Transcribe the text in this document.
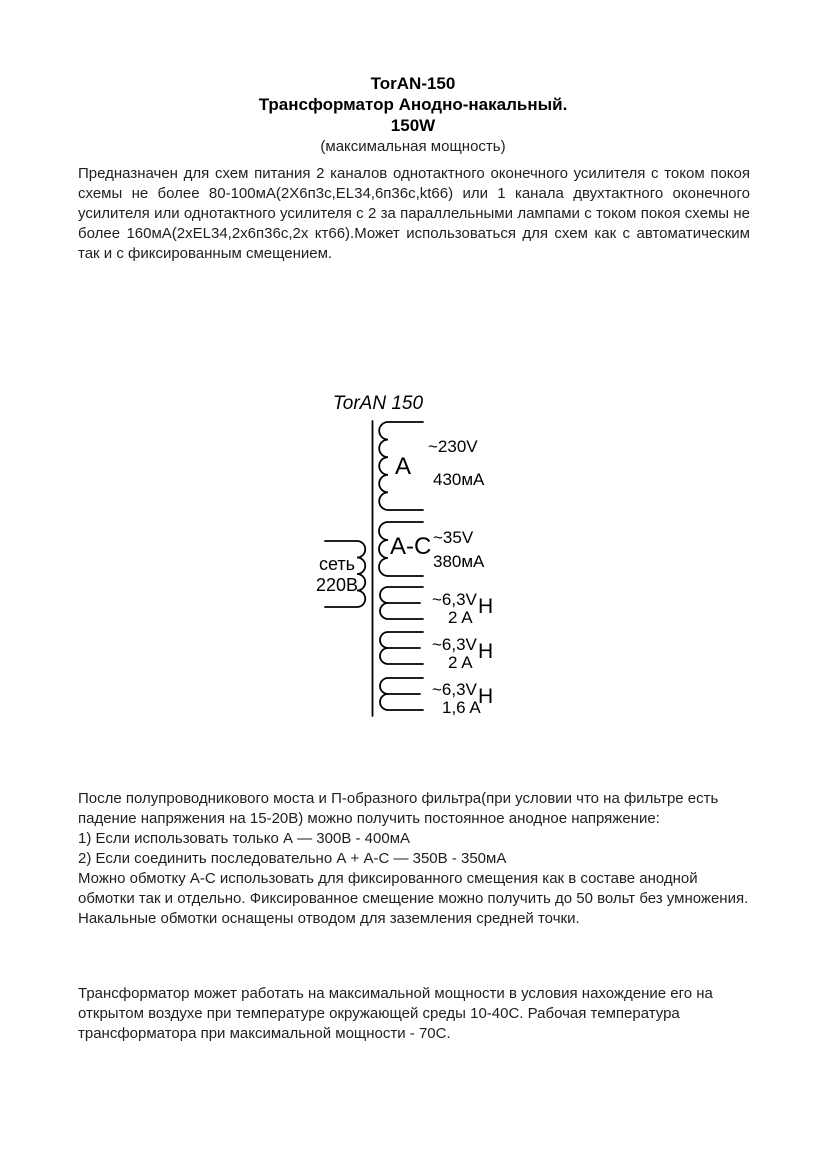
TorAN-150
Трансформатор Анодно-накальный.
150W
(максимальная мощность)
Предназначен для схем питания 2 каналов однотактного оконечного усилителя с током покоя схемы не более 80-100мА(2Х6п3с,EL34,6п36с,kt66) или 1 канала двухтактного оконечного усилителя или однотактного усилителя с 2 за параллельными лампами с током покоя схемы не более 160мА(2хEL34,2х6п36с,2х кт66).Может использоваться для схем как с автоматическим так и с фиксированным смещением.
TorAN 150
сеть
220В
A
~230V
430мА
A-C ~35V
380мА
~6,3V
2 A Н
~6,3V
2 A Н
~6,3V
1,6 A
Н

После полупроводникового моста и П-образного фильтра(при условии что на фильтре есть падение напряжения на 15-20В) можно получить постоянное анодное напряжение:

1) Если использовать только А — 300В - 400мА

2) Если соединить последовательно А + А-С — 350В - 350мА

Можно обмотку А-С использовать для фиксированного смещения как в составе анодной обмотки так и отдельно. Фиксированное смещение можно получить до 50 вольт без умножения.

Накальные обмотки оснащены отводом для заземления средней точки.

Трансформатор может работать на максимальной мощности в условия нахождение его на открытом воздухе при температуре окружающей среды 10-40С. Рабочая температура трансформатора при максимальной мощности - 70С.
